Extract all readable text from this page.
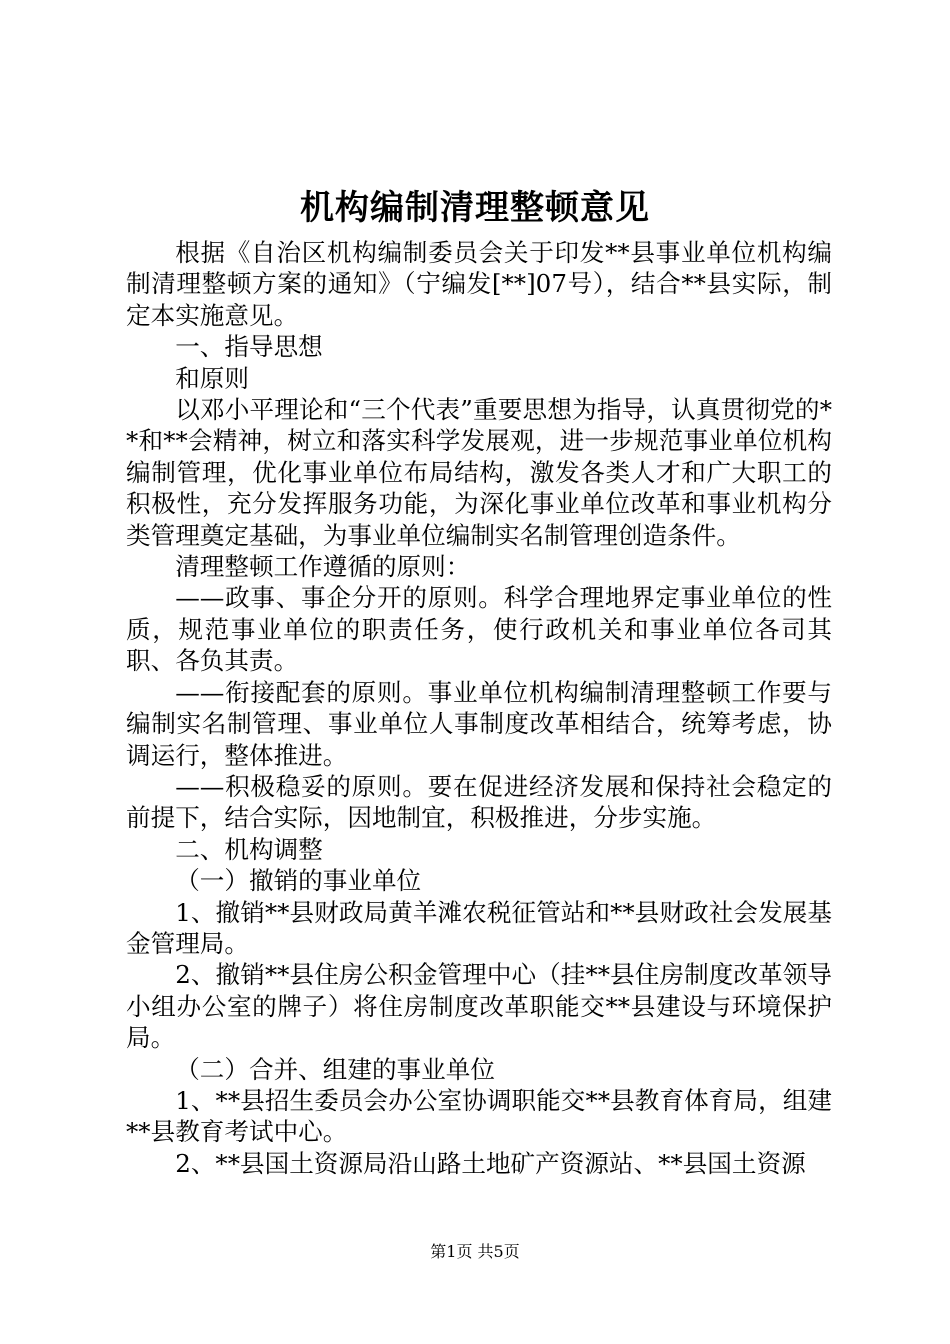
机构编制清理整顿意见

根据《自治区机构编制委员会关于印发**县事业单位机构编制清理整顿方案的通知》（宁编发[**]07号），结合**县实际，制定本实施意见。

一、指导思想

和原则

以邓小平理论和“三个代表”重要思想为指导，认真贯彻党的**和**会精神，树立和落实科学发展观，进一步规范事业单位机构编制管理，优化事业单位布局结构，激发各类人才和广大职工的积极性，充分发挥服务功能，为深化事业单位改革和事业机构分类管理奠定基础，为事业单位编制实名制管理创造条件。

清理整顿工作遵循的原则：

——政事、事企分开的原则。科学合理地界定事业单位的性质，规范事业单位的职责任务，使行政机关和事业单位各司其职、各负其责。

——衔接配套的原则。事业单位机构编制清理整顿工作要与编制实名制管理、事业单位人事制度改革相结合，统筹考虑，协调运行，整体推进。

——积极稳妥的原则。要在促进经济发展和保持社会稳定的前提下，结合实际，因地制宜，积极推进，分步实施。

二、机构调整

（一）撤销的事业单位

1、撤销**县财政局黄羊滩农税征管站和**县财政社会发展基金管理局。

2、撤销**县住房公积金管理中心（挂**县住房制度改革领导小组办公室的牌子）将住房制度改革职能交**县建设与环境保护局。

（二）合并、组建的事业单位

1、**县招生委员会办公室协调职能交**县教育体育局，组建**县教育考试中心。

2、**县国土资源局沿山路土地矿产资源站、**县国土资源

第1页 共5页
